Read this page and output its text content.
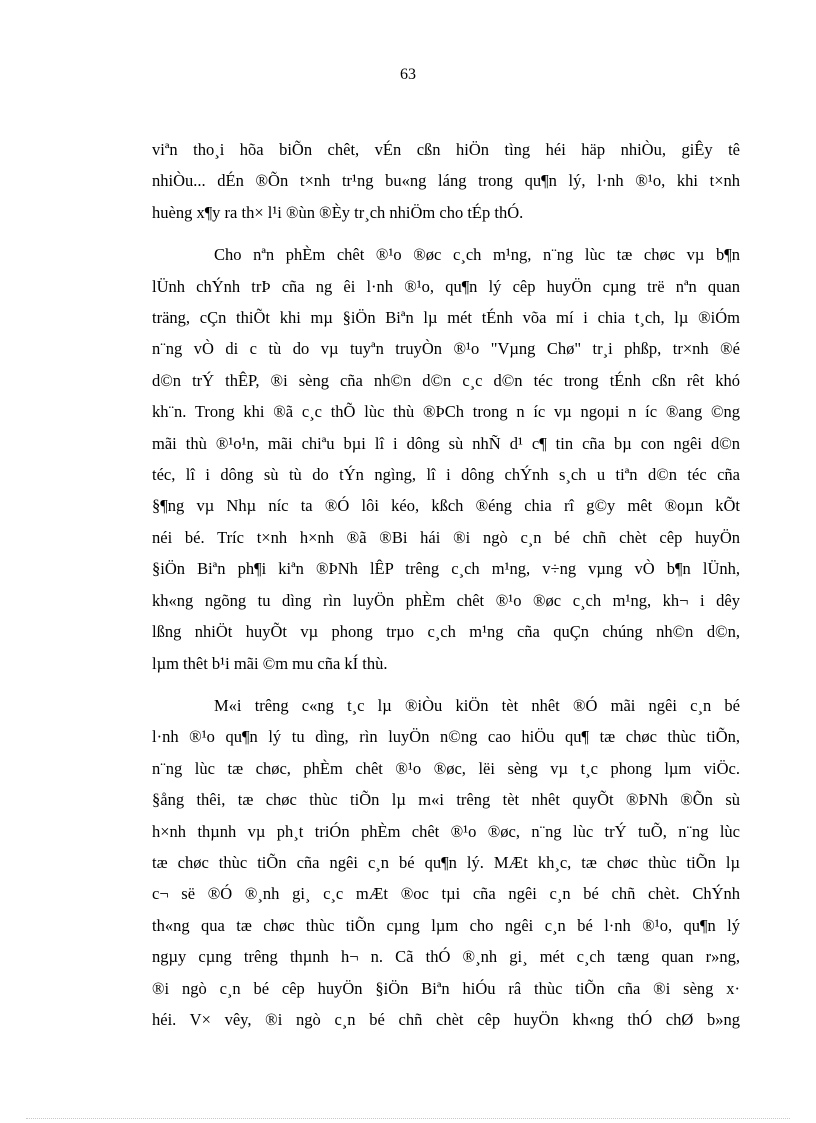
63

viªn tho¸i hõa biÕn chêt, vÉn cßn hiÖn tìng héi häp nhiÒu, giÊy tê
nhiÒu... dÉn ®Õn t×nh tr¹ng bu«ng láng trong qu¶n lý, l·nh ®¹o, khi t×nh
huèng x¶y ra th× l¹i ®ùn ®Èy tr¸ch nhiÖm cho tÉp thÓ.

Cho nªn phÈm chêt ®¹o ®øc c¸ch m¹ng, n¨ng lùc tæ chøc vµ b¶n
lÜnh chÝnh trÞ cña ng êi l·nh ®¹o, qu¶n lý cêp huyÖn cµng trë nªn quan
träng, cÇn thiÕt khi mµ §iÖn Biªn lµ mét tÉnh võa mí i chia t¸ch, lµ ®iÓm
n¨ng vÒ di c tù do vµ tuyªn truyÒn ®¹o "Vµng Chø" tr¸i phßp, tr×nh ®é
d©n trÝ thÊP, ®i sèng cña nh©n d©n c¸c d©n téc trong tÉnh cßn rêt khó
kh¨n. Trong khi ®ã c¸c thÕ lùc thù ®ÞCh trong n íc vµ ngoµi n íc ®ang ©ng
mãi thù ®¹o¹n, mãi chiªu bµi lî i dông sù nhÑ d¹ c¶ tin cña bµ con ngêi d©n
téc, lî i dông sù tù do tÝn ngìng, lî i dông chÝnh s¸ch u tiªn d©n téc cña
§¶ng vµ Nhµ níc ta ®Ó lôi kéo, kßch ®éng chia rî g©y mêt ®oµn kÕt
néi bé. Tríc t×nh h×nh ®ã ®Bi hái ®i ngò c¸n bé chñ chèt cêp huyÖn
§iÖn Biªn ph¶i kiªn ®ÞNh lÊP trêng c¸ch m¹ng, v÷ng vµng vÒ b¶n lÜnh,
kh«ng ngõng tu dìng rìn luyÖn phÈm chêt ®¹o ®øc c¸ch m¹ng, kh¬ i dêy
lßng nhiÖt huyÕt vµ phong trµo c¸ch m¹ng cña quÇn chúng nh©n d©n,
lµm thêt b¹i mãi ©m mu cña kÍ thù.

M«i trêng c«ng t¸c lµ ®iÒu kiÖn tèt nhêt ®Ó mãi ngêi c¸n bé
l·nh ®¹o qu¶n lý tu dìng, rìn luyÖn n©ng cao hiÖu qu¶ tæ chøc thùc tiÕn,
n¨ng lùc tæ chøc, phÈm chêt ®¹o ®øc, lëi sèng vµ t¸c phong lµm viÖc.
§ång thêi, tæ chøc thùc tiÕn lµ m«i trêng tèt nhêt quyÕt ®ÞNh ®Õn sù
h×nh thµnh vµ ph¸t triÓn phÈm chêt ®¹o ®øc, n¨ng lùc trÝ tuÕ, n¨ng lùc
tæ chøc thùc tiÕn cña ngêi c¸n bé qu¶n lý. MÆt kh¸c, tæ chøc thùc tiÕn lµ
c¬ së ®Ó ®¸nh gi¸ c¸c mÆt ®oc tµi cña ngêi c¸n bé chñ chèt. ChÝnh
th«ng qua tæ chøc thùc tiÕn cµng lµm cho ngêi c¸n bé l·nh ®¹o, qu¶n lý
ngµy cµng trêng thµnh h¬ n. Cã thÓ ®¸nh gi¸ mét c¸ch tæng quan r»ng,
®i ngò c¸n bé cêp huyÖn §iÖn Biªn hiÓu râ thùc tiÕn cña ®i sèng x·
héi. V× vêy, ®i ngò c¸n bé chñ chèt cêp huyÖn kh«ng thÓ chØ b»ng
